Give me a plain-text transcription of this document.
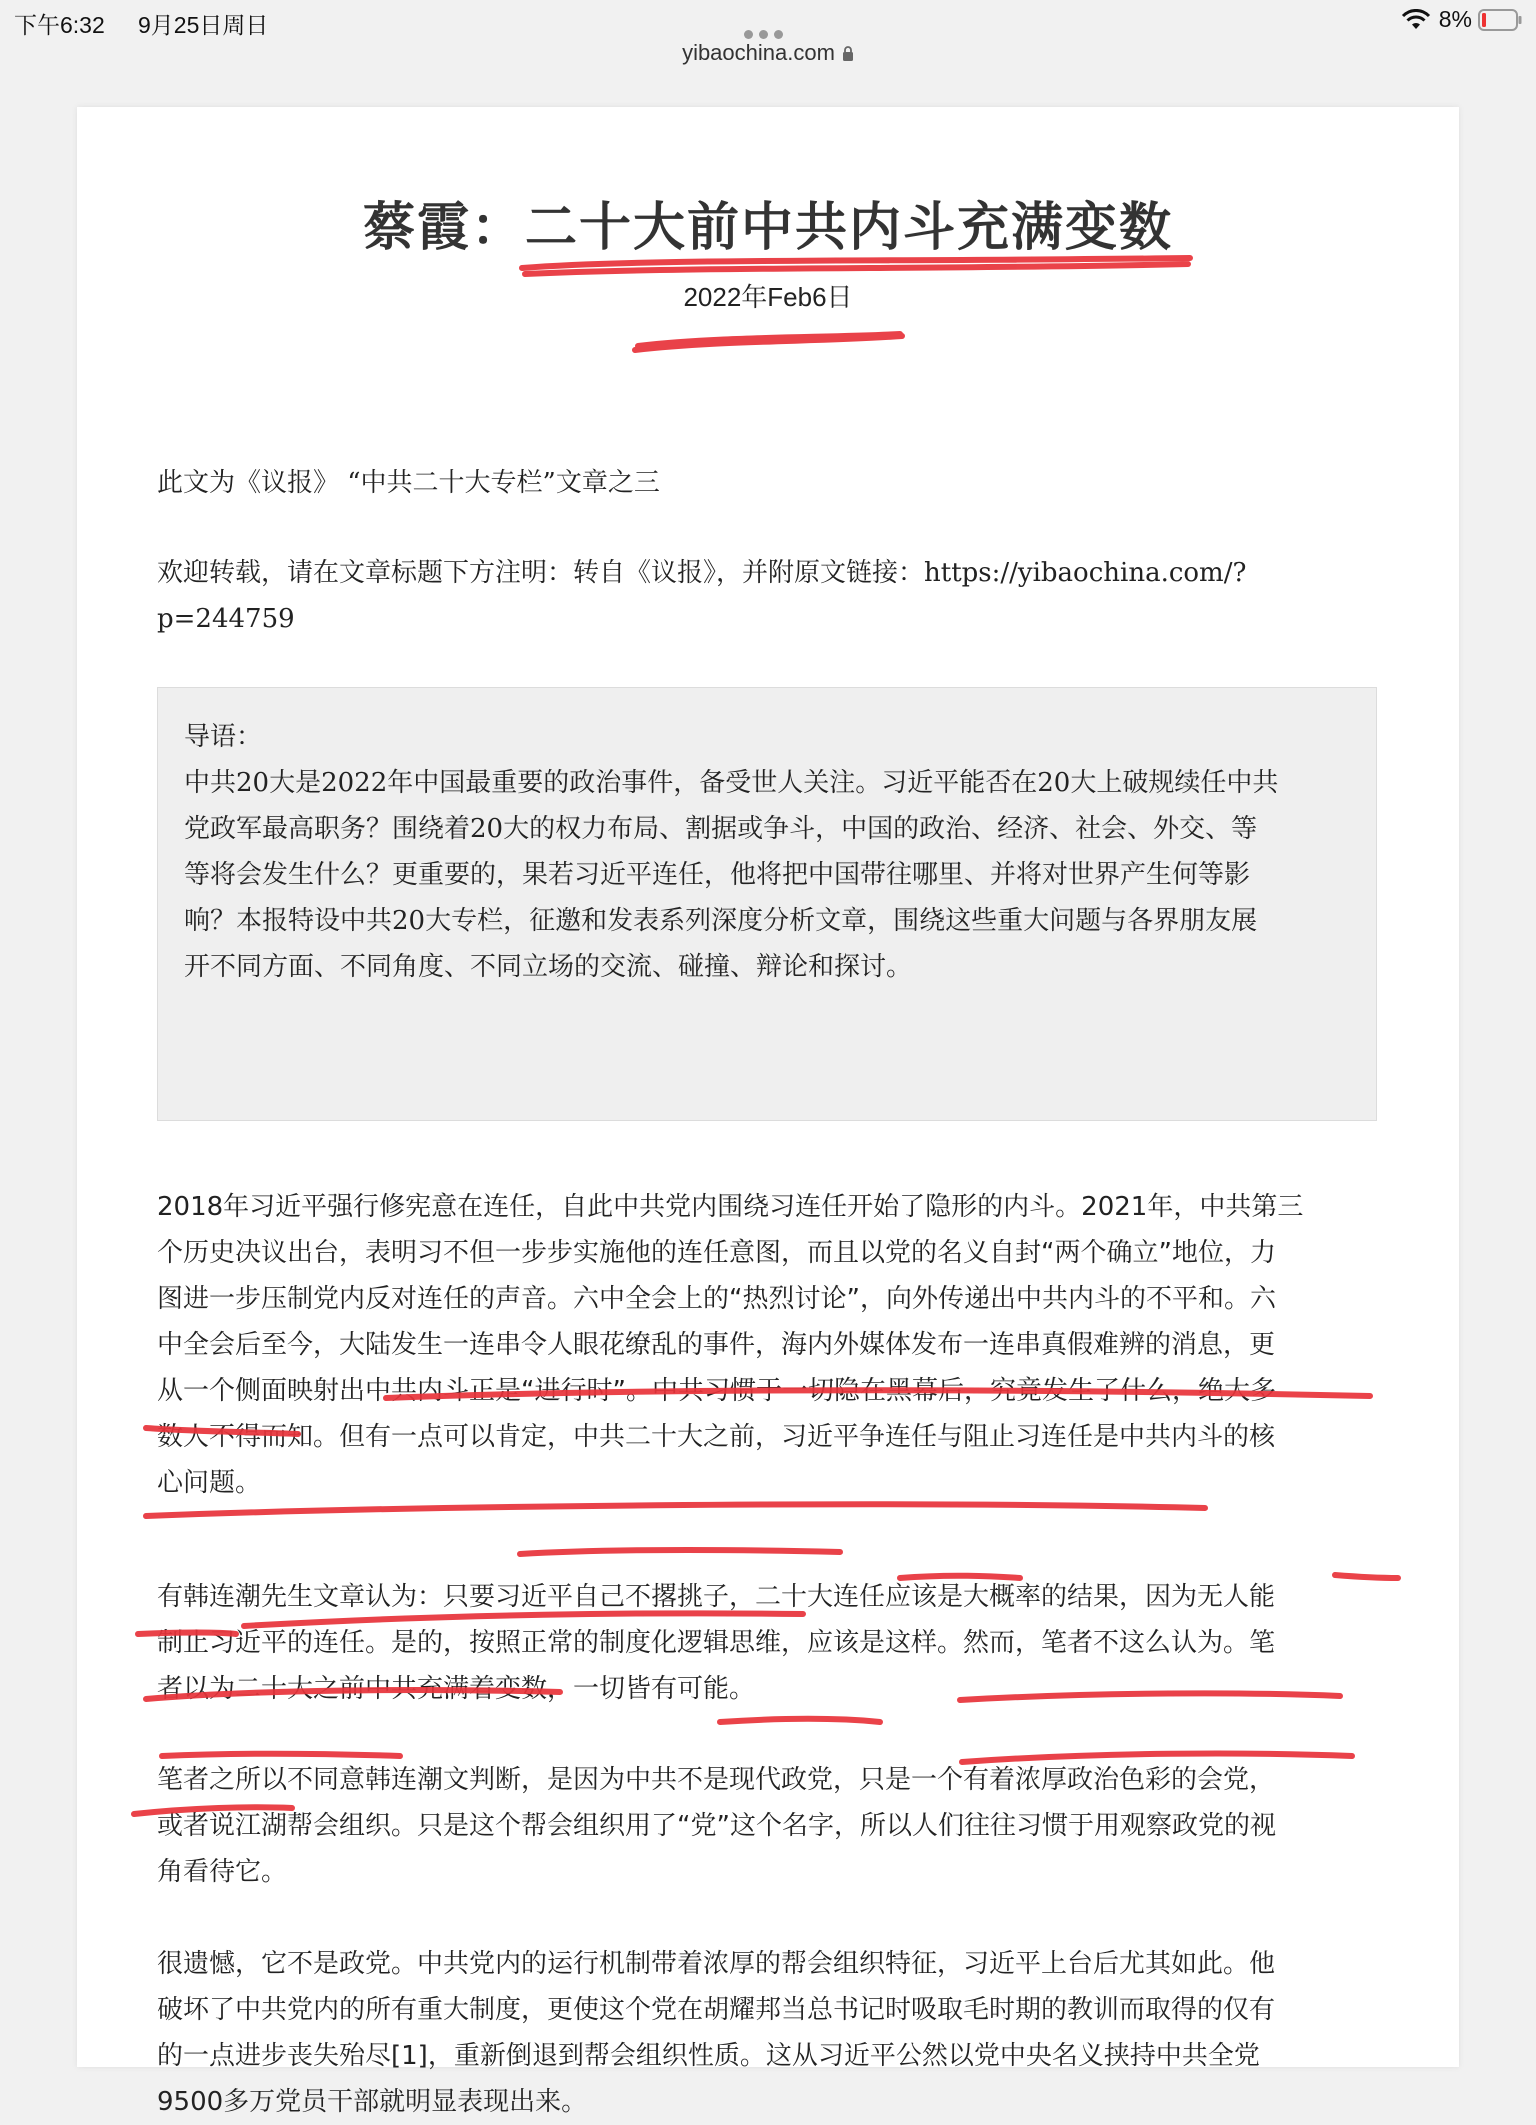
下午6:32 9月25日周日	8%
yibaochina.com
蔡霞：二十大前中共内斗充满变数
2022年Feb6日

此文为《议报》 “中共二十大专栏”文章之三

欢迎转载，请在文章标题下方注明：转自《议报》，并附原文链接：https://yibaochina.com/?

p=244759

导语：

中共20大是2022年中国最重要的政治事件，备受世人关注。习近平能否在20大上破规续任中共

党政军最高职务？围绕着20大的权力布局、割据或争斗，中国的政治、经济、社会、外交、等

等将会发生什么？更重要的，果若习近平连任，他将把中国带往哪里、并将对世界产生何等影

响？本报特设中共20大专栏，征邀和发表系列深度分析文章，围绕这些重大问题与各界朋友展

开不同方面、不同角度、不同立场的交流、碰撞、辩论和探讨。

2018年习近平强行修宪意在连任，自此中共党内围绕习连任开始了隐形的内斗。2021年，中共第三
个历史决议出台，表明习不但一步步实施他的连任意图，而且以党的名义自封“两个确立”地位，力
图进一步压制党内反对连任的声音。六中全会上的“热烈讨论”，向外传递出中共内斗的不平和。六
中全会后至今，大陆发生一连串令人眼花缭乱的事件，海内外媒体发布一连串真假难辨的消息，更
从一个侧面映射出中共内斗正是“进行时”。中共习惯于一切隐在黑幕后，究竟发生了什么，绝大多
数人不得而知。但有一点可以肯定，中共二十大之前，习近平争连任与阻止习连任是中共内斗的核
心问题。
有韩连潮先生文章认为：只要习近平自己不撂挑子，二十大连任应该是大概率的结果，因为无人能
制止习近平的连任。是的，按照正常的制度化逻辑思维，应该是这样。然而，笔者不这么认为。笔
者以为二十大之前中共充满着变数，一切皆有可能。
笔者之所以不同意韩连潮文判断，是因为中共不是现代政党，只是一个有着浓厚政治色彩的会党，
或者说江湖帮会组织。只是这个帮会组织用了“党”这个名字，所以人们往往习惯于用观察政党的视
角看待它。
很遗憾，它不是政党。中共党内的运行机制带着浓厚的帮会组织特征，习近平上台后尤其如此。他
破坏了中共党内的所有重大制度，更使这个党在胡耀邦当总书记时吸取毛时期的教训而取得的仅有
的一点进步丧失殆尽[1]，重新倒退到帮会组织性质。这从习近平公然以党中央名义挟持中共全党
9500多万党员干部就明显表现出来。
